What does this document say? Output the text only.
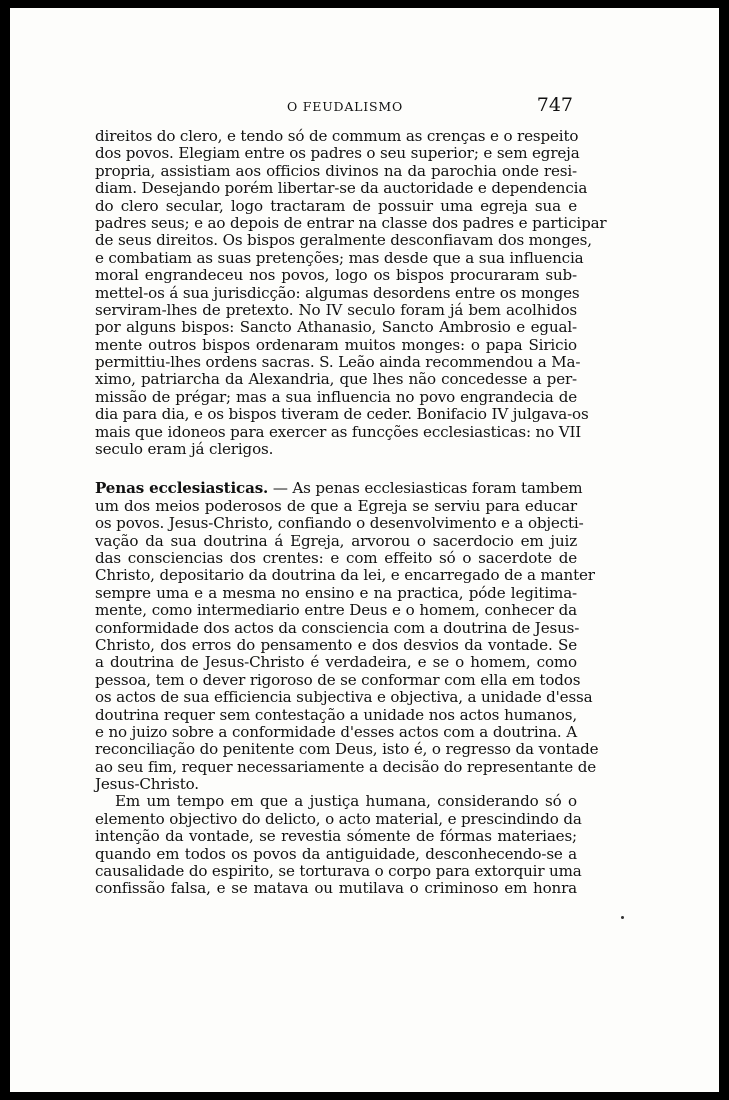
O FEUDALISMO	747
direitos do clero, e tendo só de commum as crenças e o respeito
dos povos. Elegiam entre os padres o seu superior; e sem egreja
propria, assistiam aos officios divinos na da parochia onde resi-
diam. Desejando porém libertar-se da auctoridade e dependencia
do clero secular, logo tractaram de possuir uma egreja sua e
padres seus; e ao depois de entrar na classe dos padres e participar
de seus direitos. Os bispos geralmente desconfiavam dos monges,
e combatiam as suas pretenções; mas desde que a sua influencia
moral engrandeceu nos povos, logo os bispos procuraram sub-
mettel-os á sua jurisdicção: algumas desordens entre os monges
serviram-lhes de pretexto. No IV seculo foram já bem acolhidos
por alguns bispos: Sancto Athanasio, Sancto Ambrosio e egual-
mente outros bispos ordenaram muitos monges: o papa Siricio
permittiu-lhes ordens sacras. S. Leão ainda recommendou a Ma-
ximo, patriarcha da Alexandria, que lhes não concedesse a per-
missão de prégar; mas a sua influencia no povo engrandecia de
dia para dia, e os bispos tiveram de ceder. Bonifacio IV julgava-os
mais que idoneos para exercer as funcções ecclesiasticas: no VII
seculo eram já clerigos.
Penas ecclesiasticas. — As penas ecclesiasticas foram tambem
um dos meios poderosos de que a Egreja se serviu para educar
os povos. Jesus-Christo, confiando o desenvolvimento e a objecti-
vação da sua doutrina á Egreja, arvorou o sacerdocio em juiz
das consciencias dos crentes: e com effeito só o sacerdote de
Christo, depositario da doutrina da lei, e encarregado de a manter
sempre uma e a mesma no ensino e na practica, póde legitima-
mente, como intermediario entre Deus e o homem, conhecer da
conformidade dos actos da consciencia com a doutrina de Jesus-
Christo, dos erros do pensamento e dos desvios da vontade. Se
a doutrina de Jesus-Christo é verdadeira, e se o homem, como
pessoa, tem o dever rigoroso de se conformar com ella em todos
os actos de sua efficiencia subjectiva e objectiva, a unidade d'essa
doutrina requer sem contestação a unidade nos actos humanos,
e no juizo sobre a conformidade d'esses actos com a doutrina. A
reconciliação do penitente com Deus, isto é, o regresso da vontade
ao seu fim, requer necessariamente a decisão do representante de
Jesus-Christo.
Em um tempo em que a justiça humana, considerando só o
elemento objectivo do delicto, o acto material, e prescindindo da
intenção da vontade, se revestia sómente de fórmas materiaes;
quando em todos os povos da antiguidade, desconhecendo-se a
causalidade do espirito, se torturava o corpo para extorquir uma
confissão falsa, e se matava ou mutilava o criminoso em honra
